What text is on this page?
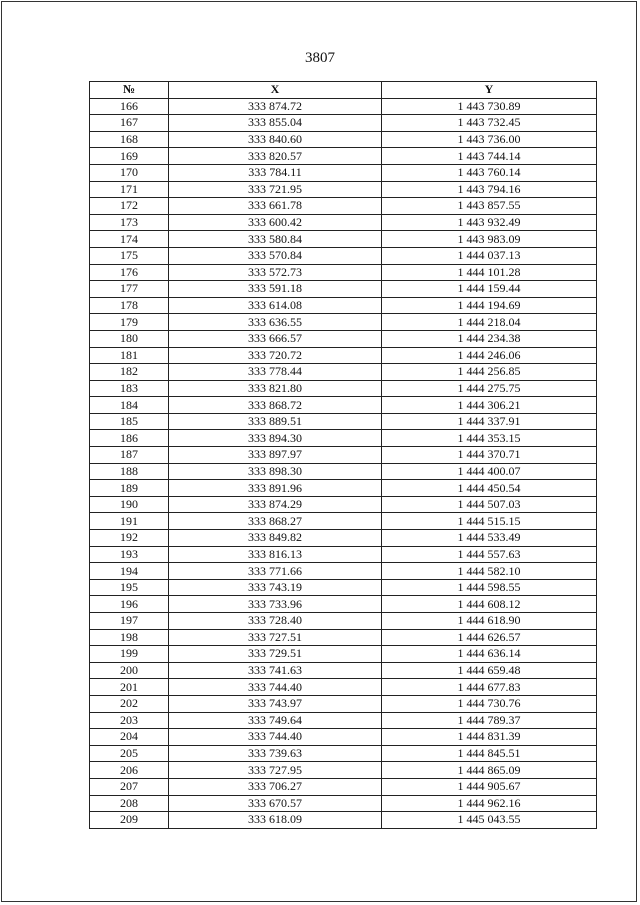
3807
№	X	Y
166	333 874.72	1 443 730.89
167	333 855.04	1 443 732.45
168	333 840.60	1 443 736.00
169	333 820.57	1 443 744.14
170	333 784.11	1 443 760.14
171	333 721.95	1 443 794.16
172	333 661.78	1 443 857.55
173	333 600.42	1 443 932.49
174	333 580.84	1 443 983.09
175	333 570.84	1 444 037.13
176	333 572.73	1 444 101.28
177	333 591.18	1 444 159.44
178	333 614.08	1 444 194.69
179	333 636.55	1 444 218.04
180	333 666.57	1 444 234.38
181	333 720.72	1 444 246.06
182	333 778.44	1 444 256.85
183	333 821.80	1 444 275.75
184	333 868.72	1 444 306.21
185	333 889.51	1 444 337.91
186	333 894.30	1 444 353.15
187	333 897.97	1 444 370.71
188	333 898.30	1 444 400.07
189	333 891.96	1 444 450.54
190	333 874.29	1 444 507.03
191	333 868.27	1 444 515.15
192	333 849.82	1 444 533.49
193	333 816.13	1 444 557.63
194	333 771.66	1 444 582.10
195	333 743.19	1 444 598.55
196	333 733.96	1 444 608.12
197	333 728.40	1 444 618.90
198	333 727.51	1 444 626.57
199	333 729.51	1 444 636.14
200	333 741.63	1 444 659.48
201	333 744.40	1 444 677.83
202	333 743.97	1 444 730.76
203	333 749.64	1 444 789.37
204	333 744.40	1 444 831.39
205	333 739.63	1 444 845.51
206	333 727.95	1 444 865.09
207	333 706.27	1 444 905.67
208	333 670.57	1 444 962.16
209	333 618.09	1 445 043.55
